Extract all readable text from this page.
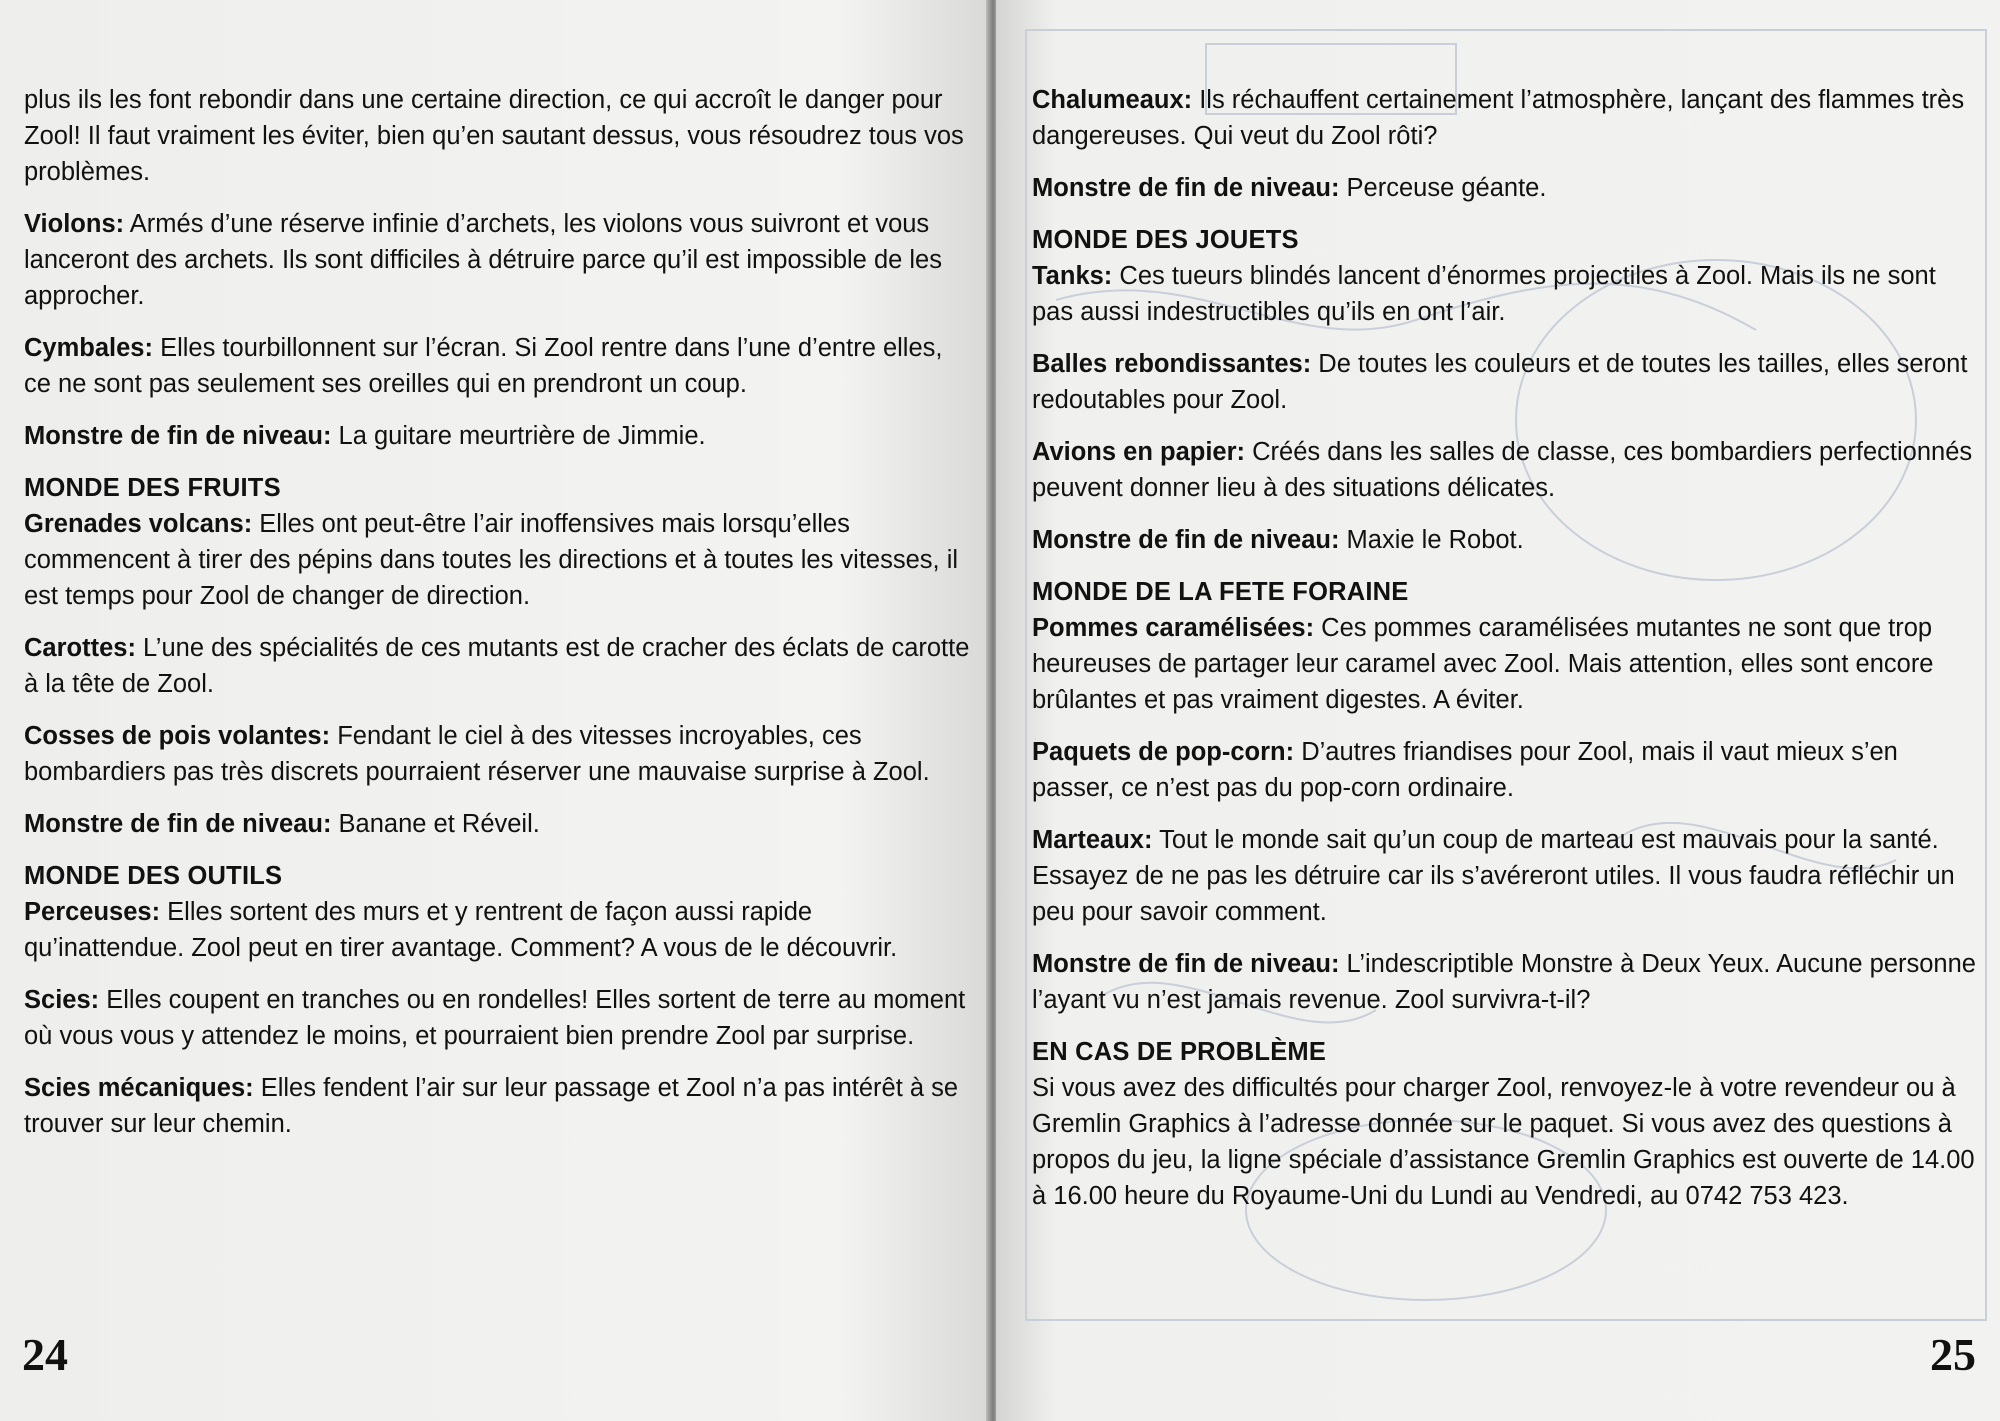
plus ils les font rebondir dans une certaine direction, ce qui accroît le danger pour Zool! Il faut vraiment les éviter, bien qu’en sautant dessus, vous résoudrez tous vos problèmes.

Violons: Armés d’une réserve infinie d’archets, les violons vous suivront et vous lanceront des archets. Ils sont difficiles à détruire parce qu’il est impossible de les approcher.

Cymbales: Elles tourbillonnent sur l’écran. Si Zool rentre dans l’une d’entre elles, ce ne sont pas seulement ses oreilles qui en prendront un coup.

Monstre de fin de niveau: La guitare meurtrière de Jimmie.

MONDE DES FRUITS

Grenades volcans: Elles ont peut-être l’air inoffensives mais lorsqu’elles commencent à tirer des pépins dans toutes les directions et à toutes les vitesses, il est temps pour Zool de changer de direction.

Carottes: L’une des spécialités de ces mutants est de cracher des éclats de carotte à la tête de Zool.

Cosses de pois volantes: Fendant le ciel à des vitesses incroyables, ces bombardiers pas très discrets pourraient réserver une mauvaise surprise à Zool.

Monstre de fin de niveau: Banane et Réveil.

MONDE DES OUTILS

Perceuses: Elles sortent des murs et y rentrent de façon aussi rapide qu’inattendue. Zool peut en tirer avantage. Comment? A vous de le découvrir.

Scies: Elles coupent en tranches ou en rondelles! Elles sortent de terre au moment où vous vous y attendez le moins, et pourraient bien prendre Zool par surprise.

Scies mécaniques: Elles fendent l’air sur leur passage et Zool n’a pas intérêt à se trouver sur leur chemin.

24

Chalumeaux: Ils réchauffent certainement l’atmosphère, lançant des flammes très dangereuses. Qui veut du Zool rôti?

Monstre de fin de niveau: Perceuse géante.

MONDE DES JOUETS

Tanks: Ces tueurs blindés lancent d’énormes projectiles à Zool. Mais ils ne sont pas aussi indestructibles qu’ils en ont l’air.

Balles rebondissantes: De toutes les couleurs et de toutes les tailles, elles seront redoutables pour Zool.

Avions en papier: Créés dans les salles de classe, ces bombardiers perfectionnés peuvent donner lieu à des situations délicates.

Monstre de fin de niveau: Maxie le Robot.

MONDE DE LA FETE FORAINE

Pommes caramélisées: Ces pommes caramélisées mutantes ne sont que trop heureuses de partager leur caramel avec Zool. Mais attention, elles sont encore brûlantes et pas vraiment digestes. A éviter.

Paquets de pop-corn: D’autres friandises pour Zool, mais il vaut mieux s’en passer, ce n’est pas du pop-corn ordinaire.

Marteaux: Tout le monde sait qu’un coup de marteau est mauvais pour la santé. Essayez de ne pas les détruire car ils s’avéreront utiles. Il vous faudra réfléchir un peu pour savoir comment.

Monstre de fin de niveau: L’indescriptible Monstre à Deux Yeux. Aucune personne l’ayant vu n’est jamais revenue. Zool survivra-t-il?

EN CAS DE PROBLÈME

Si vous avez des difficultés pour charger Zool, renvoyez-le à votre revendeur ou à Gremlin Graphics à l’adresse donnée sur le paquet. Si vous avez des questions à propos du jeu, la ligne spéciale d’assistance Gremlin Graphics est ouverte de 14.00 à 16.00 heure du Royaume-Uni du Lundi au Vendredi, au 0742 753 423.

25
